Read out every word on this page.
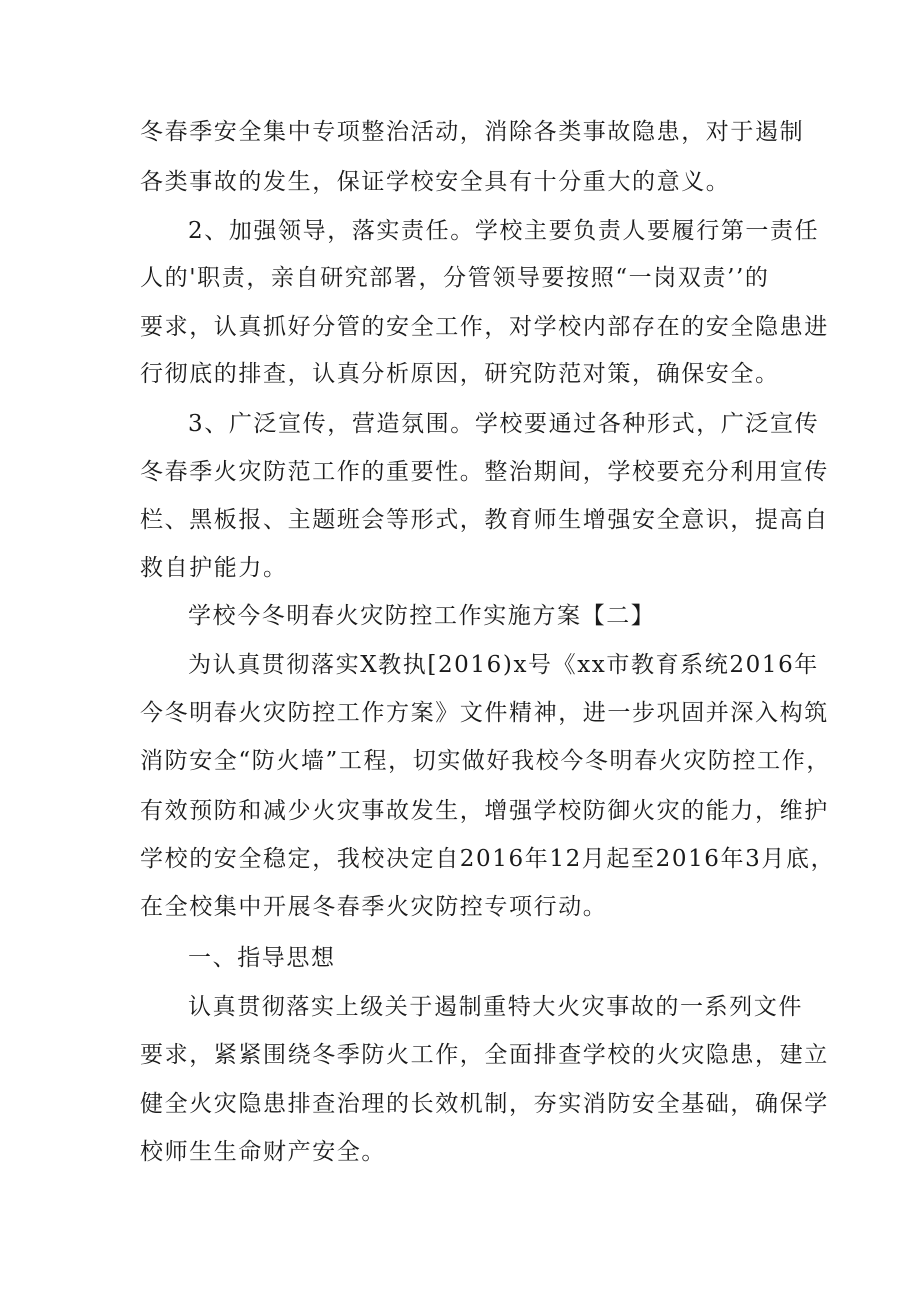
冬春季安全集中专项整治活动，消除各类事故隐患，对于遏制
各类事故的发生，保证学校安全具有十分重大的意义。
2、加强领导，落实责任。学校主要负责人要履行第一责任
人的'职责，亲自研究部署，分管领导要按照“一岗双责’’的
要求，认真抓好分管的安全工作，对学校内部存在的安全隐患进
行彻底的排查，认真分析原因，研究防范对策，确保安全。
3、广泛宣传，营造氛围。学校要通过各种形式，广泛宣传
冬春季火灾防范工作的重要性。整治期间，学校要充分利用宣传
栏、黑板报、主题班会等形式，教育师生增强安全意识，提高自
救自护能力。
学校今冬明春火灾防控工作实施方案【二】
为认真贯彻落实X教执[2016)x号《xx市教育系统2016年
今冬明春火灾防控工作方案》文件精神，进一步巩固并深入构筑
消防安全“防火墙”工程，切实做好我校今冬明春火灾防控工作，
有效预防和减少火灾事故发生，增强学校防御火灾的能力，维护
学校的安全稳定，我校决定自2016年12月起至2016年3月底，
在全校集中开展冬春季火灾防控专项行动。
一、指导思想
认真贯彻落实上级关于遏制重特大火灾事故的一系列文件
要求，紧紧围绕冬季防火工作，全面排查学校的火灾隐患，建立
健全火灾隐患排查治理的长效机制，夯实消防安全基础，确保学
校师生生命财产安全。
